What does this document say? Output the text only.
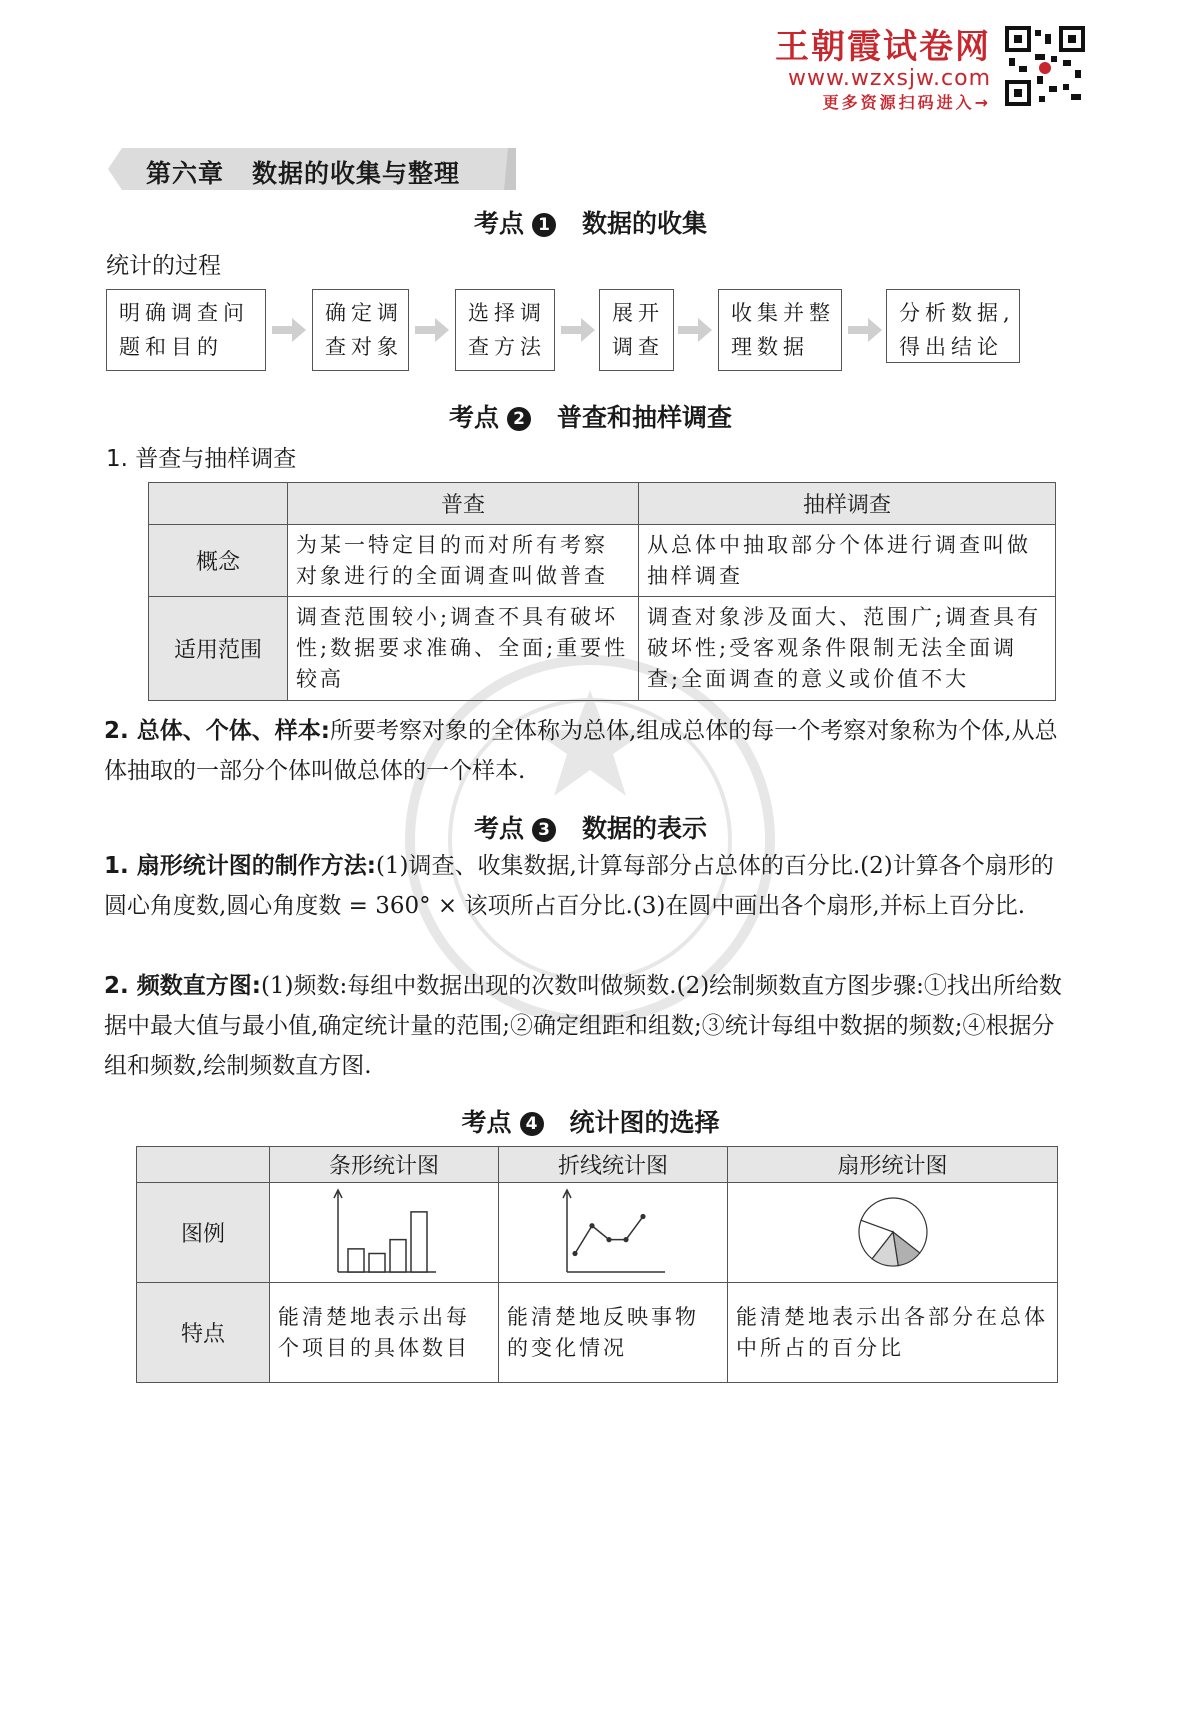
王朝霞试卷网
www.wzxsjw.com
更多资源扫码进入→
第六章 数据的收集与整理
考点 1 数据的收集
统计的过程
明确调查问题和目的
确定调查对象
选择调查方法
展开调查
收集并整理数据
分析数据,得出结论
考点 2 普查和抽样调查
1. 普查与抽样调查
	普查	抽样调查
概念	为某一特定目的而对所有考察对象进行的全面调查叫做普查	从总体中抽取部分个体进行调查叫做抽样调查
适用范围	调查范围较小;调查不具有破坏性;数据要求准确、全面;重要性较高	调查对象涉及面大、范围广;调查具有破坏性;受客观条件限制无法全面调查;全面调查的意义或价值不大
2. 总体、个体、样本:所要考察对象的全体称为总体,组成总体的每一个考察对象称为个体,从总体抽取的一部分个体叫做总体的一个样本.
考点 3 数据的表示
1. 扇形统计图的制作方法:(1)调查、收集数据,计算每部分占总体的百分比.(2)计算各个扇形的圆心角度数,圆心角度数 = 360° × 该项所占百分比.(3)在圆中画出各个扇形,并标上百分比.
2. 频数直方图:(1)频数:每组中数据出现的次数叫做频数.(2)绘制频数直方图步骤:①找出所给数据中最大值与最小值,确定统计量的范围;②确定组距和组数;③统计每组中数据的频数;④根据分组和频数,绘制频数直方图.
考点 4 统计图的选择
	条形统计图	折线统计图	扇形统计图
图例	

特点	能清楚地表示出每个项目的具体数目	能清楚地反映事物的变化情况	能清楚地表示出各部分在总体中所占的百分比
